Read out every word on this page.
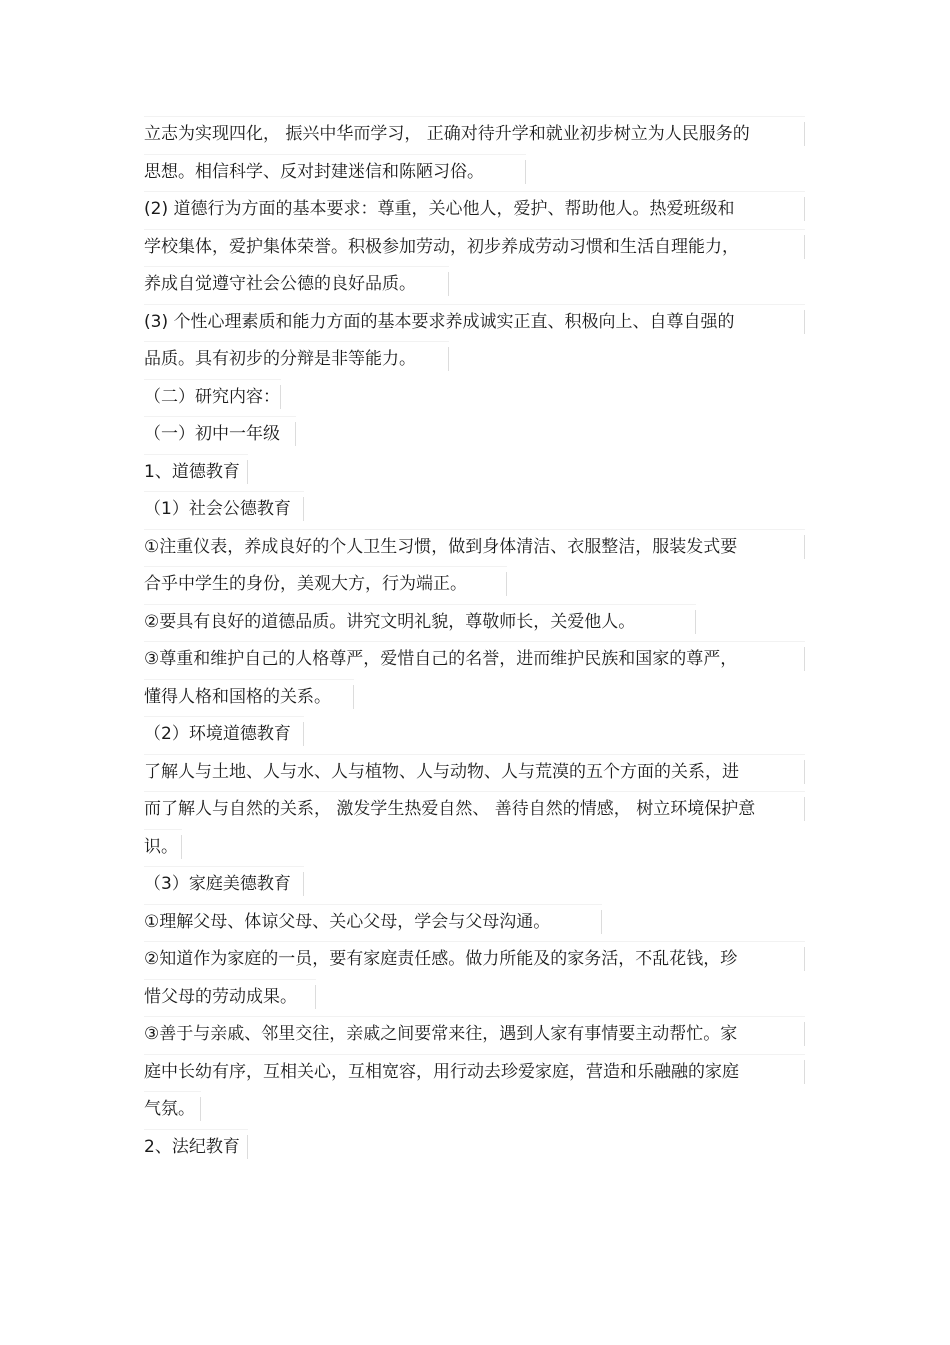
立志为实现四化， 振兴中华而学习， 正确对待升学和就业初步树立为人民服务的
思想。相信科学、反对封建迷信和陈陋习俗。
(2) 道德行为方面的基本要求：尊重，关心他人，爱护、帮助他人。热爱班级和
学校集体，爱护集体荣誉。积极参加劳动，初步养成劳动习惯和生活自理能力，
养成自觉遵守社会公德的良好品质。
(3) 个性心理素质和能力方面的基本要求养成诚实正直、积极向上、自尊自强的
品质。具有初步的分辩是非等能力。
（二）研究内容：
（一）初中一年级
1、道德教育
（1）社会公德教育
①注重仪表，养成良好的个人卫生习惯，做到身体清洁、衣服整洁，服装发式要
合乎中学生的身份，美观大方，行为端正。
②要具有良好的道德品质。讲究文明礼貌，尊敬师长，关爱他人。
③尊重和维护自己的人格尊严，爱惜自己的名誉，进而维护民族和国家的尊严，
懂得人格和国格的关系。
（2）环境道德教育
了解人与土地、人与水、人与植物、人与动物、人与荒漠的五个方面的关系，进
而了解人与自然的关系， 激发学生热爱自然、 善待自然的情感， 树立环境保护意
识。
（3）家庭美德教育
①理解父母、体谅父母、关心父母，学会与父母沟通。
②知道作为家庭的一员，要有家庭责任感。做力所能及的家务活，不乱花钱，珍
惜父母的劳动成果。
③善于与亲戚、邻里交往，亲戚之间要常来往，遇到人家有事情要主动帮忙。家
庭中长幼有序，互相关心，互相宽容，用行动去珍爱家庭，营造和乐融融的家庭
气氛。
2、法纪教育
